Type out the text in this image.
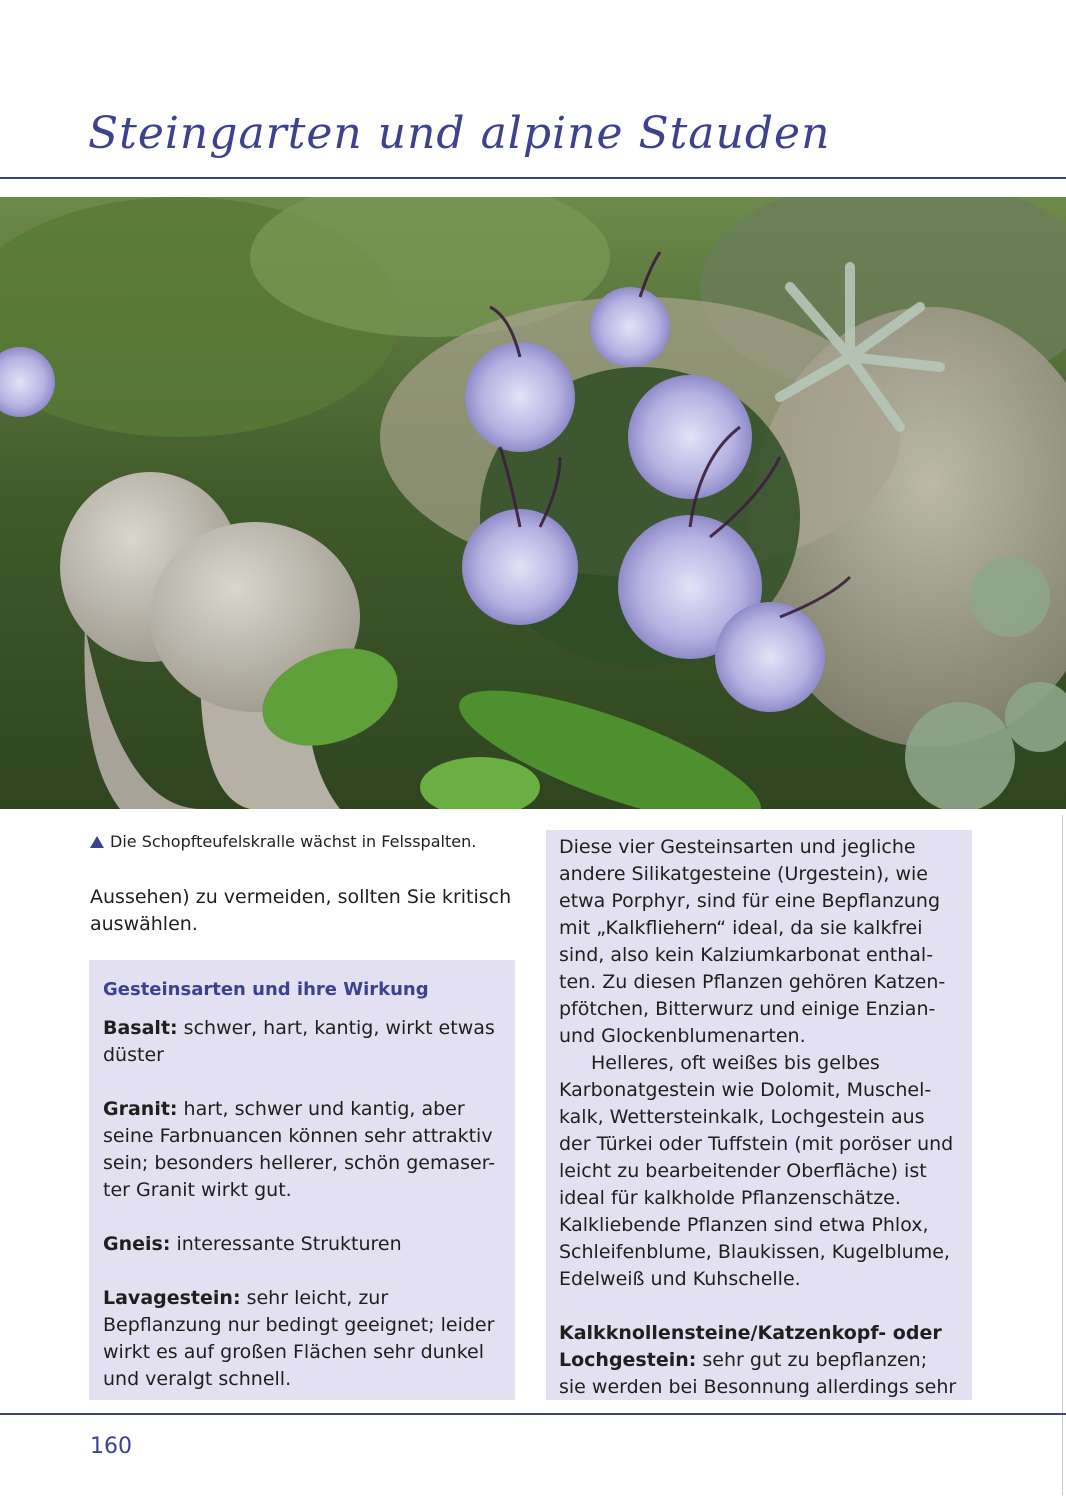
Steingarten und alpine Stauden
Die Schopfteufelskralle wächst in Felsspalten.

Aussehen) zu vermeiden, sollten Sie kritisch auswählen.

Gesteinsarten und ihre Wirkung

Basalt: schwer, hart, kantig, wirkt etwas düster

Granit: hart, schwer und kantig, aber seine Farbnuancen können sehr attraktiv sein; besonders hellerer, schön gemaser-ter Granit wirkt gut.

Gneis: interessante Strukturen

Lavagestein: sehr leicht, zur Bepflanzung nur bedingt geeignet; leider wirkt es auf großen Flächen sehr dunkel und veralgt schnell.

Diese vier Gesteinsarten und jegliche andere Silikatgesteine (Urgestein), wie etwa Porphyr, sind für eine Bepflanzung mit „Kalkfliehern“ ideal, da sie kalkfrei sind, also kein Kalziumkarbonat enthal-ten. Zu diesen Pflanzen gehören Katzen-pfötchen, Bitterwurz und einige Enzian- und Glockenblumenarten.

Helleres, oft weißes bis gelbes Karbonatgestein wie Dolomit, Muschel-kalk, Wettersteinkalk, Lochgestein aus der Türkei oder Tuffstein (mit poröser und leicht zu bearbeitender Oberfläche) ist ideal für kalkholde Pflanzenschätze. Kalkliebende Pflanzen sind etwa Phlox, Schleifenblume, Blaukissen, Kugelblume, Edelweiß und Kuhschelle.

Kalkknollensteine/Katzenkopf- oder Lochgestein: sehr gut zu bepflanzen; sie werden bei Besonnung allerdings sehr

160
